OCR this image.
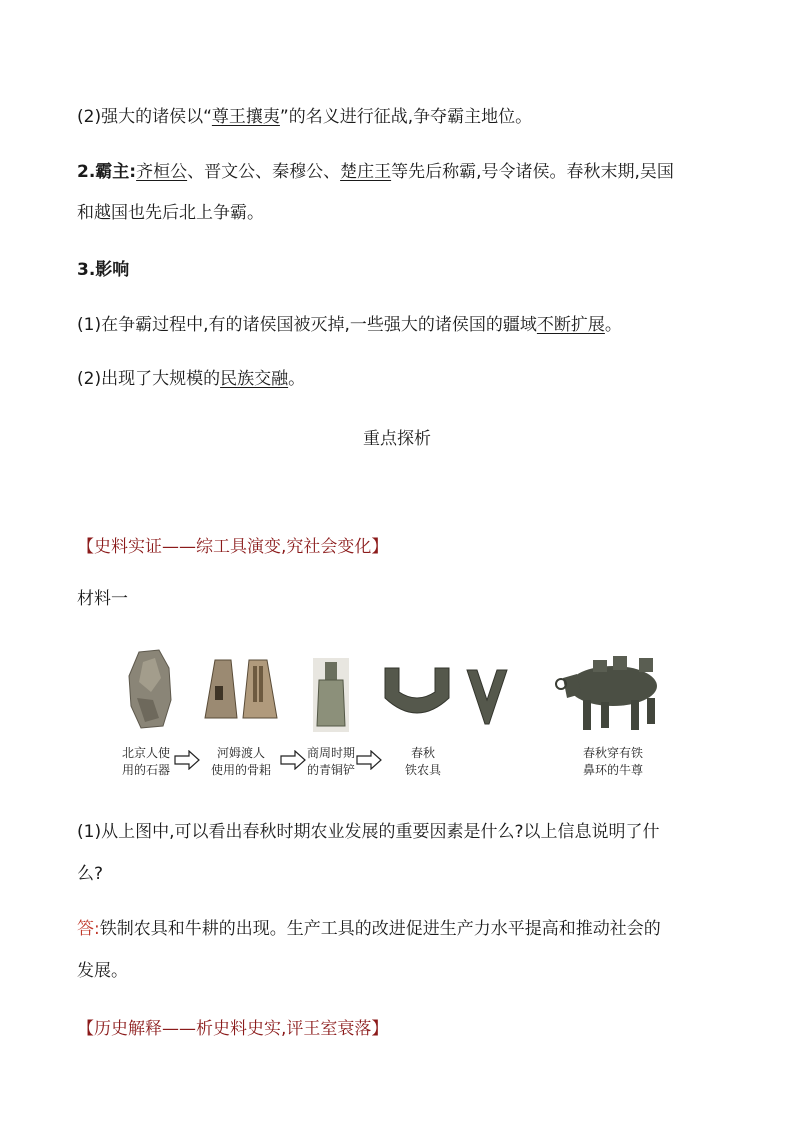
(2)强大的诸侯以“尊王攘夷”的名义进行征战,争夺霸主地位。
2.霸主:齐桓公、晋文公、秦穆公、楚庄王等先后称霸,号令诸侯。春秋末期,吴国
和越国也先后北上争霸。
3.影响
(1)在争霸过程中,有的诸侯国被灭掉,一些强大的诸侯国的疆域不断扩展。
(2)出现了大规模的民族交融。
重点探析
【史料实证——综工具演变,究社会变化】
材料一
北京人使
用的石器
河姆渡人
使用的骨耜
商周时期
的青铜铲
春秋
铁农具
春秋穿有铁
鼻环的牛尊
(1)从上图中,可以看出春秋时期农业发展的重要因素是什么?以上信息说明了什
么?
答:铁制农具和牛耕的出现。生产工具的改进促进生产力水平提高和推动社会的
发展。
【历史解释——析史料史实,评王室衰落】
